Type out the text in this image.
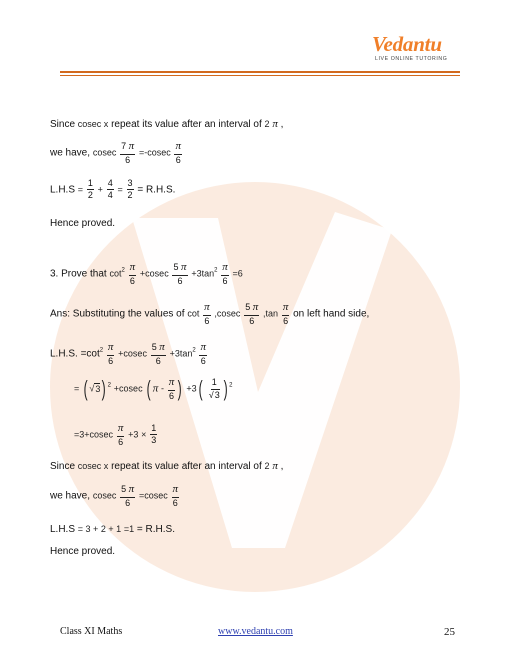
Vedantu
LIVE ONLINE TUTORING
Since cosec x repeat its value after an interval of 2 π ,
we have, cosec $\frac{7 \pi}{6} =-cosec \frac{\pi}{6}$
$L.H.S = \frac{1}{2} + \frac{4}{4} = \frac{3}{2} = R.H.S$.
Hence proved.
3. Prove that $\cot^2 \frac{\pi}{6} +cosec \frac{5 \pi}{6} +3\tan^2 \frac{\pi}{6} =6$
Ans: Substituting the values of $\cot \frac{\pi}{6} ,cosec \frac{5 \pi}{6} ,\tan \frac{\pi}{6}$ on left hand side,
L.H.S. $=\cot^2 \frac{\pi}{6} +cosec \frac{5 \pi}{6} +3\tan^2 \frac{\pi}{6}$
= ( √3) $^2$ +cosec ( π - $\frac{\pi}{6}$ ) $+3( \frac{1}{√3}$ ) $^2$
$=3+cosec \frac{\pi}{6} +3 \times \frac{1}{3}$
Since cosec x repeat its value after an interval of 2 π ,
we have, cosec $\frac{5 \pi}{6} =cosec \frac{\pi}{6}$
L.H.S = 3 + 2 + 1 =1 = R.H.S.
Hence proved.
Class XI Maths	www.vedantu.com	25
